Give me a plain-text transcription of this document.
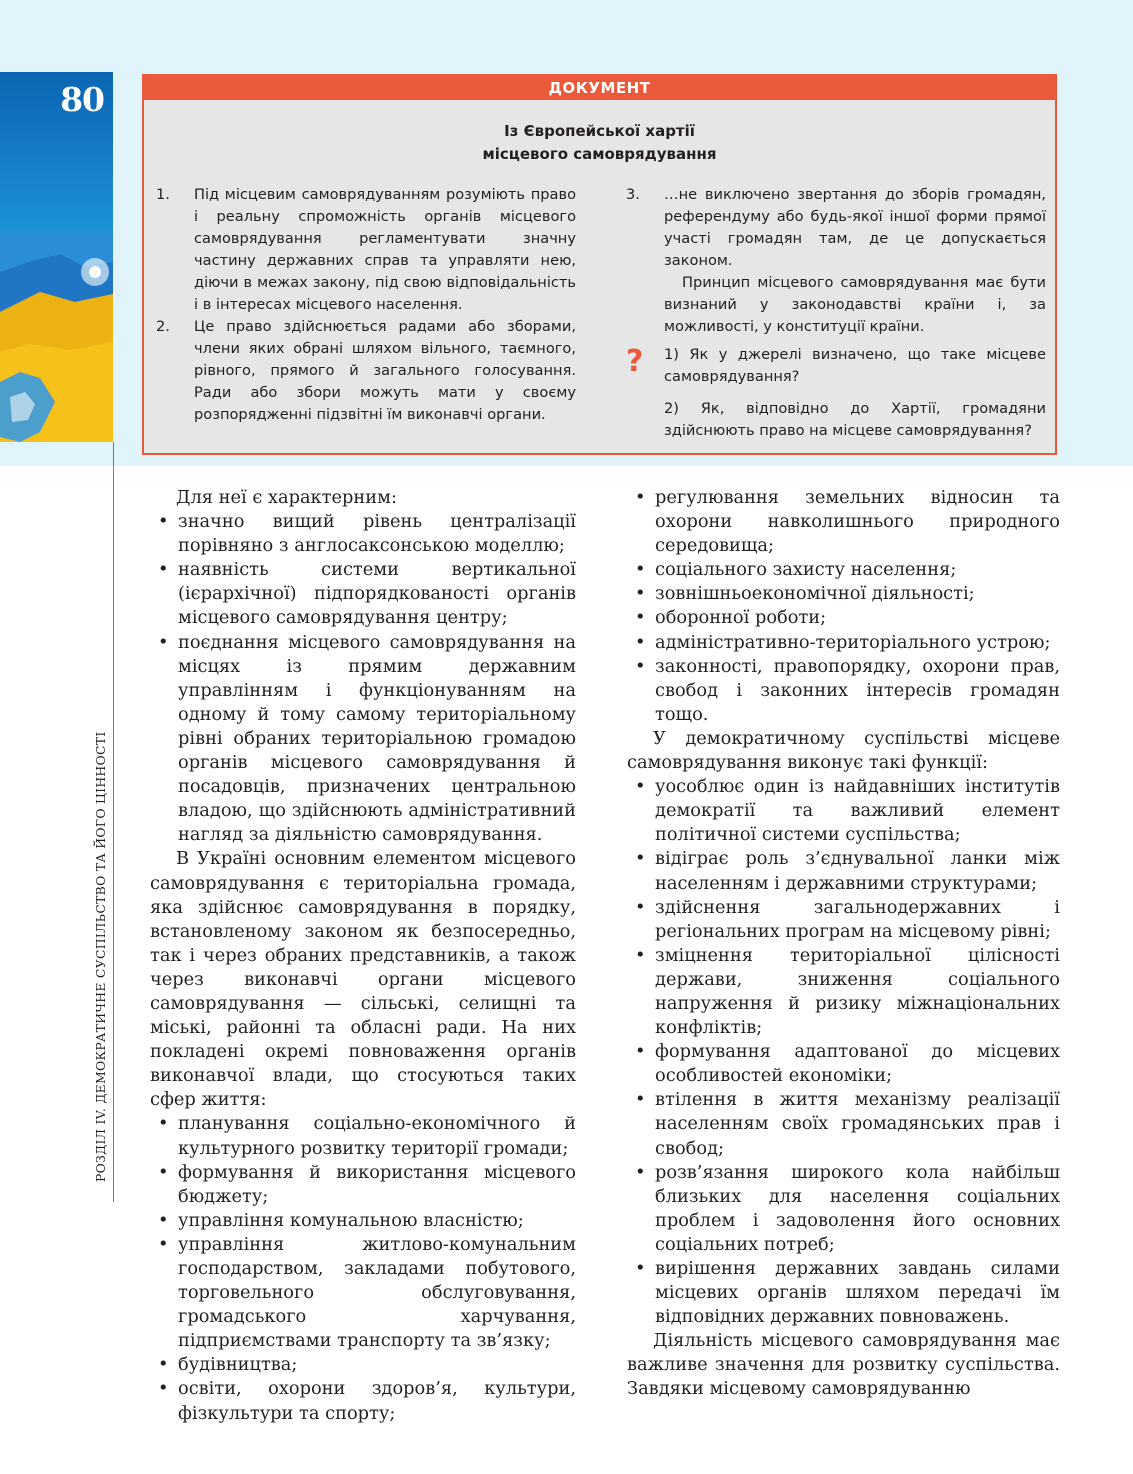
80
РОЗДІЛ IV. ДЕМОКРАТИЧНЕ СУСПІЛЬСТВО ТА ЙОГО ЦІННОСТІ
ДОКУМЕНТ
Із Європейської хартії
місцевого самоврядування
1. Під місцевим самоврядуванням розуміють право і реальну спроможність органів місцевого самоврядування регламентувати значну частину державних справ та управляти нею, діючи в межах закону, під свою відповідальність і в інтересах місцевого населення.
2. Це право здійснюється радами або зборами, члени яких обрані шляхом вільного, таємного, рівного, прямого й загального голосування. Ради або збори можуть мати у своєму розпорядженні підзвітні їм виконавчі органи.
3. …не виключено звертання до зборів громадян, референдуму або будь-якої іншої форми прямої участі громадян там, де це допускається законом.
Принцип місцевого самоврядування має бути визнаний у законодавстві країни і, за можливості, у конституції країни.
?	1) Як у джерелі визначено, що таке місцеве самоврядування?
2) Як, відповідно до Хартії, громадяни здійснюють право на місцеве самоврядування?

Для неї є характерним:

• значно вищий рівень централізації порівняно з англосаксонською моделлю;

• наявність системи вертикальної (ієрархічної) підпорядкованості органів місцевого самоврядування центру;

• поєднання місцевого самоврядування на місцях із прямим державним управлінням і функціонуванням на одному й тому самому територіальному рівні обраних територіальною громадою органів місцевого самоврядування й посадовців, призначених центральною владою, що здійснюють адміністративний нагляд за діяльністю самоврядування.

В Україні основним елементом місцевого самоврядування є територіальна громада, яка здійснює самоврядування в порядку, встановленому законом як безпосередньо, так і через обраних представників, а також через виконавчі органи місцевого самоврядування — сільські, селищні та міські, районні та обласні ради. На них покладені окремі повноваження органів виконавчої влади, що стосуються таких сфер життя:

• планування соціально-економічного й культурного розвитку території громади;

• формування й використання місцевого бюджету;

• управління комунальною власністю;

• управління житлово-комунальним господарством, закладами побутового, торговельного обслуговування, громадського харчування, підприємствами транспорту та зв’язку;

• будівництва;

• освіти, охорони здоров’я, культури, фізкультури та спорту;

• регулювання земельних відносин та охорони навколишнього природного середовища;

• соціального захисту населення;

• зовнішньоекономічної діяльності;

• оборонної роботи;

• адміністративно-територіального устрою;

• законності, правопорядку, охорони прав, свобод і законних інтересів громадян тощо.

У демократичному суспільстві місцеве самоврядування виконує такі функції:

• уособлює один із найдавніших інститутів демократії та важливий елемент політичної системи суспільства;

• відіграє роль з’єднувальної ланки між населенням і державними структурами;

• здійснення загальнодержавних і регіональних програм на місцевому рівні;

• зміцнення територіальної цілісності держави, зниження соціального напруження й ризику міжнаціональних конфліктів;

• формування адаптованої до місцевих особливостей економіки;

• втілення в життя механізму реалізації населенням своїх громадянських прав і свобод;

• розв’язання широкого кола найбільш близьких для населення соціальних проблем і задоволення його основних соціальних потреб;

• вирішення державних завдань силами місцевих органів шляхом передачі їм відповідних державних повноважень.

Діяльність місцевого самоврядування має важливе значення для розвитку суспільства. Завдяки місцевому самоврядуванню
